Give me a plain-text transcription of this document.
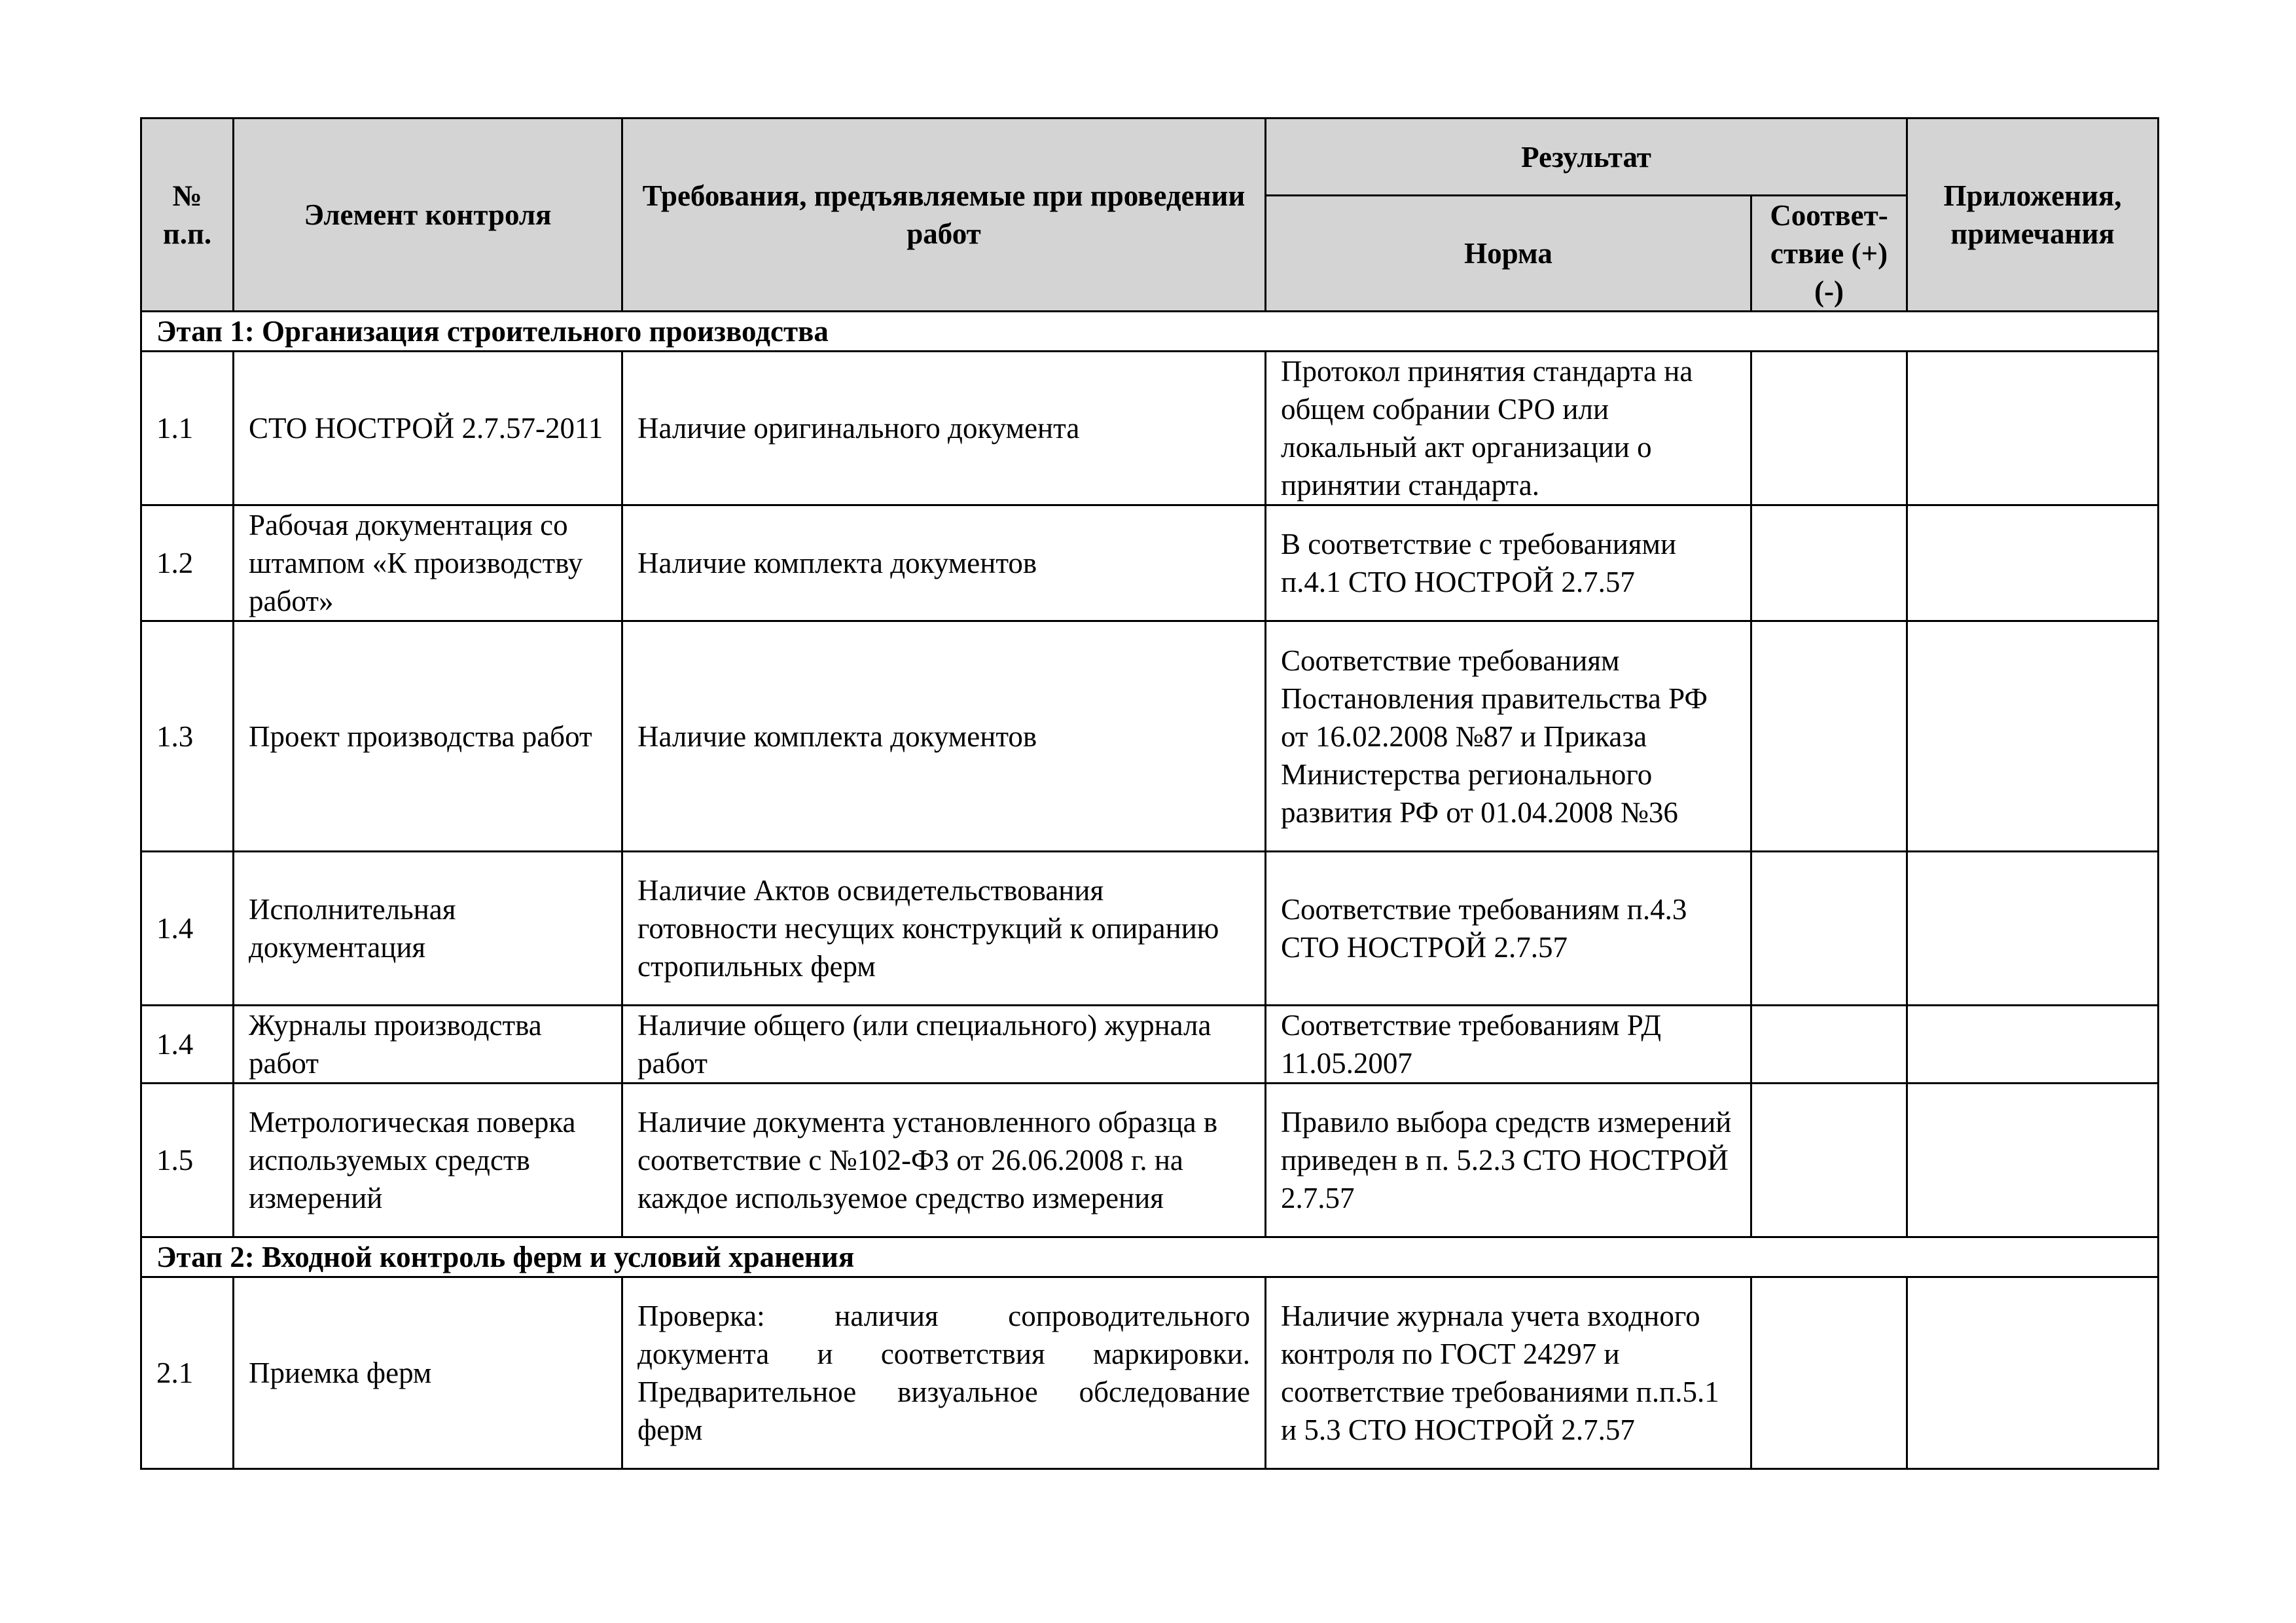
№ п.п.	Элемент контроля	Требования, предъявляемые при проведении работ	Результат		Приложения, примечания
			Норма	Соответ-ствие (+) (-)	
Этап 1: Организация строительного производства					
1.1	СТО НОСТРОЙ 2.7.57-2011	Наличие оригинального документа	Протокол принятия стандарта на общем собрании СРО или локальный акт организации о принятии стандарта.		
1.2	Рабочая документация со штампом «К производству работ»	Наличие комплекта документов	В соответствие с требованиями п.4.1 СТО НОСТРОЙ 2.7.57		
1.3	Проект производства работ	Наличие комплекта документов	Соответствие требованиям Постановления правительства РФ от 16.02.2008 №87 и Приказа Министерства регионального развития РФ от 01.04.2008 №36		
1.4	Исполнительная документация	Наличие Актов освидетельствования готовности несущих конструкций к опиранию стропильных ферм	Соответствие требованиям п.4.3 СТО НОСТРОЙ 2.7.57		
1.4	Журналы производства работ	Наличие общего (или специального) журнала работ	Соответствие требованиям РД 11.05.2007		
1.5	Метрологическая поверка используемых средств измерений	Наличие документа установленного образца в соответствие с №102-ФЗ от 26.06.2008 г. на каждое используемое средство измерения	Правило выбора средств измерений приведен в п. 5.2.3 СТО НОСТРОЙ 2.7.57		
Этап 2: Входной контроль ферм и условий хранения					
2.1	Приемка ферм	Проверка: наличия сопроводительного документа и соответствия маркировки. Предварительное визуальное обследование ферм	Наличие журнала учета входного контроля по ГОСТ 24297 и соответствие требованиями п.п.5.1 и 5.3 СТО НОСТРОЙ 2.7.57		
